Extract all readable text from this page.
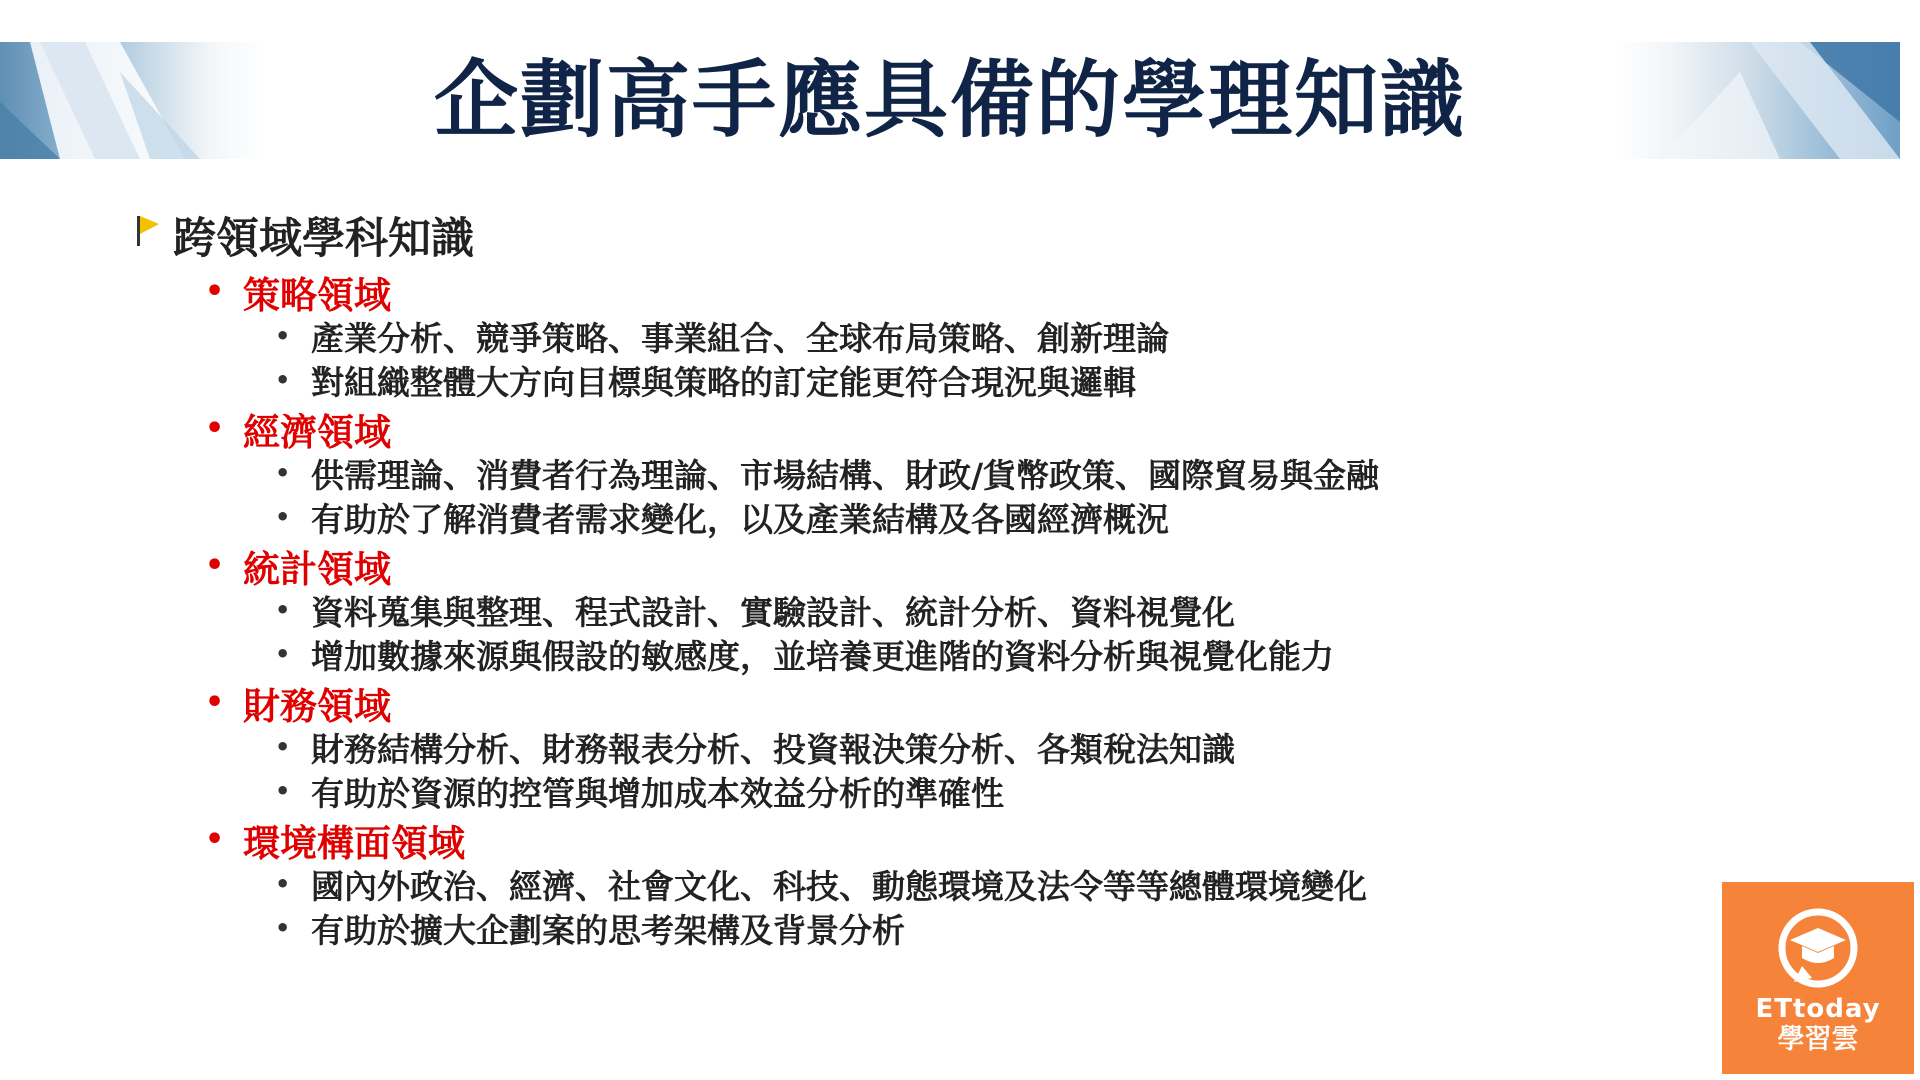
企劃高手應具備的學理知識
跨領域學科知識
• 策略領域
• 產業分析、競爭策略、事業組合、全球布局策略、創新理論
• 對組織整體大方向目標與策略的訂定能更符合現況與邏輯
• 經濟領域
• 供需理論、消費者行為理論、市場結構、財政/貨幣政策、國際貿易與金融
• 有助於了解消費者需求變化，以及產業結構及各國經濟概況
• 統計領域
• 資料蒐集與整理、程式設計、實驗設計、統計分析、資料視覺化
• 增加數據來源與假設的敏感度，並培養更進階的資料分析與視覺化能力
• 財務領域
• 財務結構分析、財務報表分析、投資報決策分析、各類稅法知識
• 有助於資源的控管與增加成本效益分析的準確性
• 環境構面領域
• 國內外政治、經濟、社會文化、科技、動態環境及法令等等總體環境變化
• 有助於擴大企劃案的思考架構及背景分析
ETtoday
學習雲
